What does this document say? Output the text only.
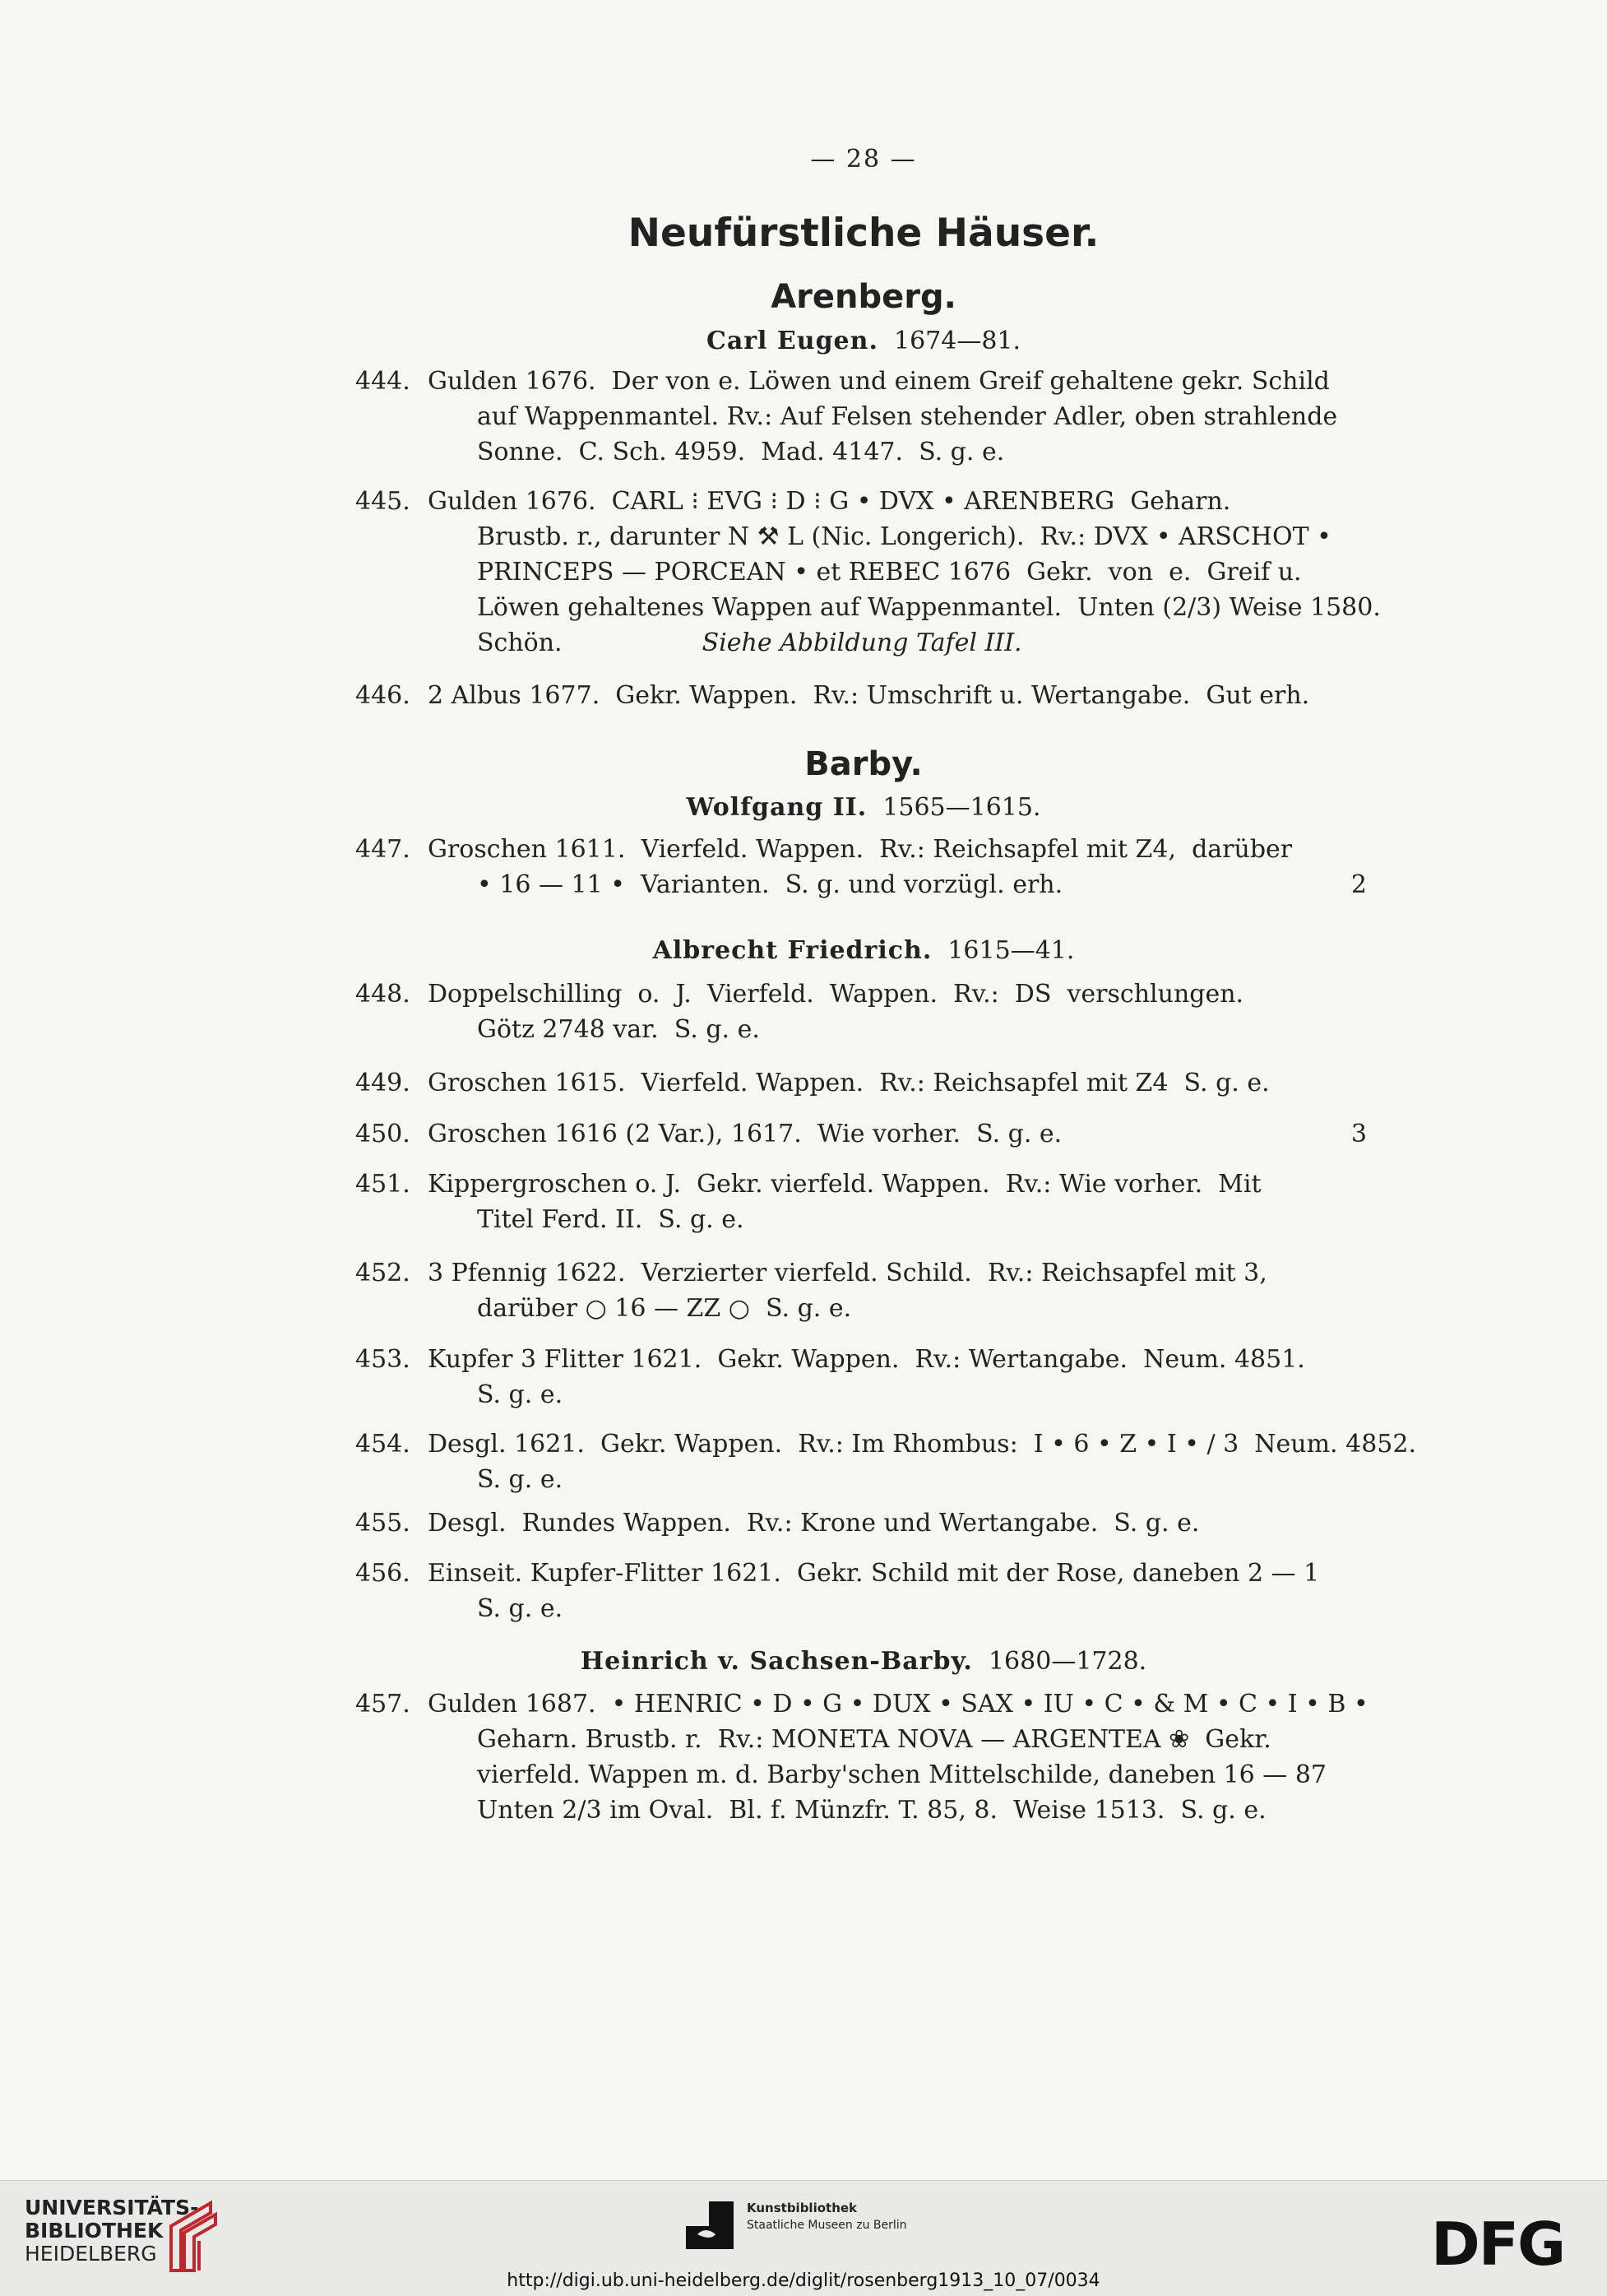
— 28 —
Neufürstliche Häuser.
Arenberg.
Carl Eugen. 1674—81.
444. Gulden 1676.  Der von e. Löwen und einem Greif gehaltene gekr. Schild
auf Wappenmantel. Rv.: Auf Felsen stehender Adler, oben strahlende
Sonne.  C. Sch. 4959.  Mad. 4147.  S. g. e.
445. Gulden 1676.  CARL ⁝ EVG ⁝ D ⁝ G • DVX • ARENBERG  Geharn.
Brustb. r., darunter N ⚒ L (Nic. Longerich).  Rv.: DVX • ARSCHOT •
PRINCEPS — PORCEAN • et REBEC 1676  Gekr.  von  e.  Greif u.
Löwen gehaltenes Wappen auf Wappenmantel.  Unten (2/3) Weise 1580.
Schön.	Siehe Abbildung Tafel III.
446. 2 Albus 1677.  Gekr. Wappen.  Rv.: Umschrift u. Wertangabe.  Gut erh.
Barby.
Wolfgang II. 1565—1615.
447. Groschen 1611.  Vierfeld. Wappen.  Rv.: Reichsapfel mit Z4,  darüber
• 16 — 11 •  Varianten.  S. g. und vorzügl. erh.	2
Albrecht Friedrich. 1615—41.
448. Doppelschilling  o.  J.  Vierfeld.  Wappen.  Rv.:  DS  verschlungen.
Götz 2748 var.  S. g. e.
449. Groschen 1615.  Vierfeld. Wappen.  Rv.: Reichsapfel mit Z4  S. g. e.
450. Groschen 1616 (2 Var.), 1617.  Wie vorher.  S. g. e.	3
451. Kippergroschen o. J.  Gekr. vierfeld. Wappen.  Rv.: Wie vorher.  Mit
Titel Ferd. II.  S. g. e.
452. 3 Pfennig 1622.  Verzierter vierfeld. Schild.  Rv.: Reichsapfel mit 3,
darüber ○ 16 — ZZ ○  S. g. e.
453. Kupfer 3 Flitter 1621.  Gekr. Wappen.  Rv.: Wertangabe.  Neum. 4851.
S. g. e.
454. Desgl. 1621.  Gekr. Wappen.  Rv.: Im Rhombus:  I • 6 • Z • I • / 3  Neum. 4852.
S. g. e.
455. Desgl.  Rundes Wappen.  Rv.: Krone und Wertangabe.  S. g. e.
456. Einseit. Kupfer-Flitter 1621.  Gekr. Schild mit der Rose, daneben 2 — 1
S. g. e.
Heinrich v. Sachsen-Barby. 1680—1728.
457. Gulden 1687.  • HENRIC • D • G • DUX • SAX • IU • C • & M • C • I • B •
Geharn. Brustb. r.  Rv.: MONETA NOVA — ARGENTEA ❀  Gekr.
vierfeld. Wappen m. d. Barby'schen Mittelschilde, daneben 16 — 87
Unten 2/3 im Oval.  Bl. f. Münzfr. T. 85, 8.  Weise 1513.  S. g. e.
UNIVERSITÄTS-
BIBLIOTHEK
HEIDELBERG
Kunstbibliothek
Staatliche Museen zu Berlin	DFG
http://digi.ub.uni-heidelberg.de/diglit/rosenberg1913_10_07/0034
